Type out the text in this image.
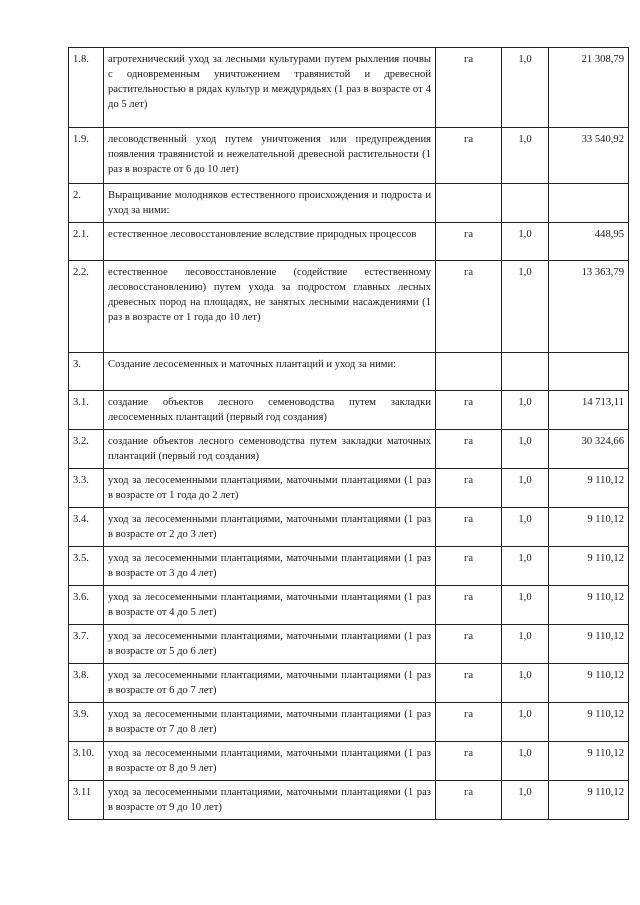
1.8.	агротехнический уход за лесными культурами путем рыхления почвы с одновременным уничтожением травянистой и древесной растительностью в рядах культур и междурядьях (1 раз в возрасте от 4 до 5 лет)	га	1,0	21 308,79
1.9.	лесоводственный уход путем уничтожения или предупреждения появления травянистой и нежелательной древесной растительности (1 раз в возрасте от 6 до 10 лет)	га	1,0	33 540,92
2.	Выращивание молодняков естественного происхождения и подроста и уход за ними:			
2.1.	естественное лесовосстановление вследствие природных процессов	га	1,0	448,95
2.2.	естественное лесовосстановление (содействие естественному лесовосстановлению) путем ухода за подростом главных лесных древесных пород на площадях, не занятых лесными насаждениями (1 раз в возрасте от 1 года до 10 лет)	га	1,0	13 363,79
3.	Создание лесосеменных и маточных плантаций и уход за ними:			
3.1.	создание объектов лесного семеноводства путем закладки лесосеменных плантаций (первый год создания)	га	1,0	14 713,11
3.2.	создание объектов лесного семеноводства путем закладки маточных плантаций (первый год создания)	га	1,0	30 324,66
3.3.	уход за лесосеменными плантациями, маточными плантациями (1 раз в возрасте от 1 года до 2 лет)	га	1,0	9 110,12
3.4.	уход за лесосеменными плантациями, маточными плантациями (1 раз в возрасте от 2 до 3 лет)	га	1,0	9 110,12
3.5.	уход за лесосеменными плантациями, маточными плантациями (1 раз в возрасте от 3 до 4 лет)	га	1,0	9 110,12
3.6.	уход за лесосеменными плантациями, маточными плантациями (1 раз в возрасте от 4 до 5 лет)	га	1,0	9 110,12
3.7.	уход за лесосеменными плантациями, маточными плантациями (1 раз в возрасте от 5 до 6 лет)	га	1,0	9 110,12
3.8.	уход за лесосеменными плантациями, маточными плантациями (1 раз в возрасте от 6 до 7 лет)	га	1,0	9 110,12
3.9.	уход за лесосеменными плантациями, маточными плантациями (1 раз в возрасте от 7 до 8 лет)	га	1,0	9 110,12
3.10.	уход за лесосеменными плантациями, маточными плантациями (1 раз в возрасте от 8 до 9 лет)	га	1,0	9 110,12
3.11	уход за лесосеменными плантациями, маточными плантациями (1 раз в возрасте от 9 до 10 лет)	га	1,0	9 110,12
